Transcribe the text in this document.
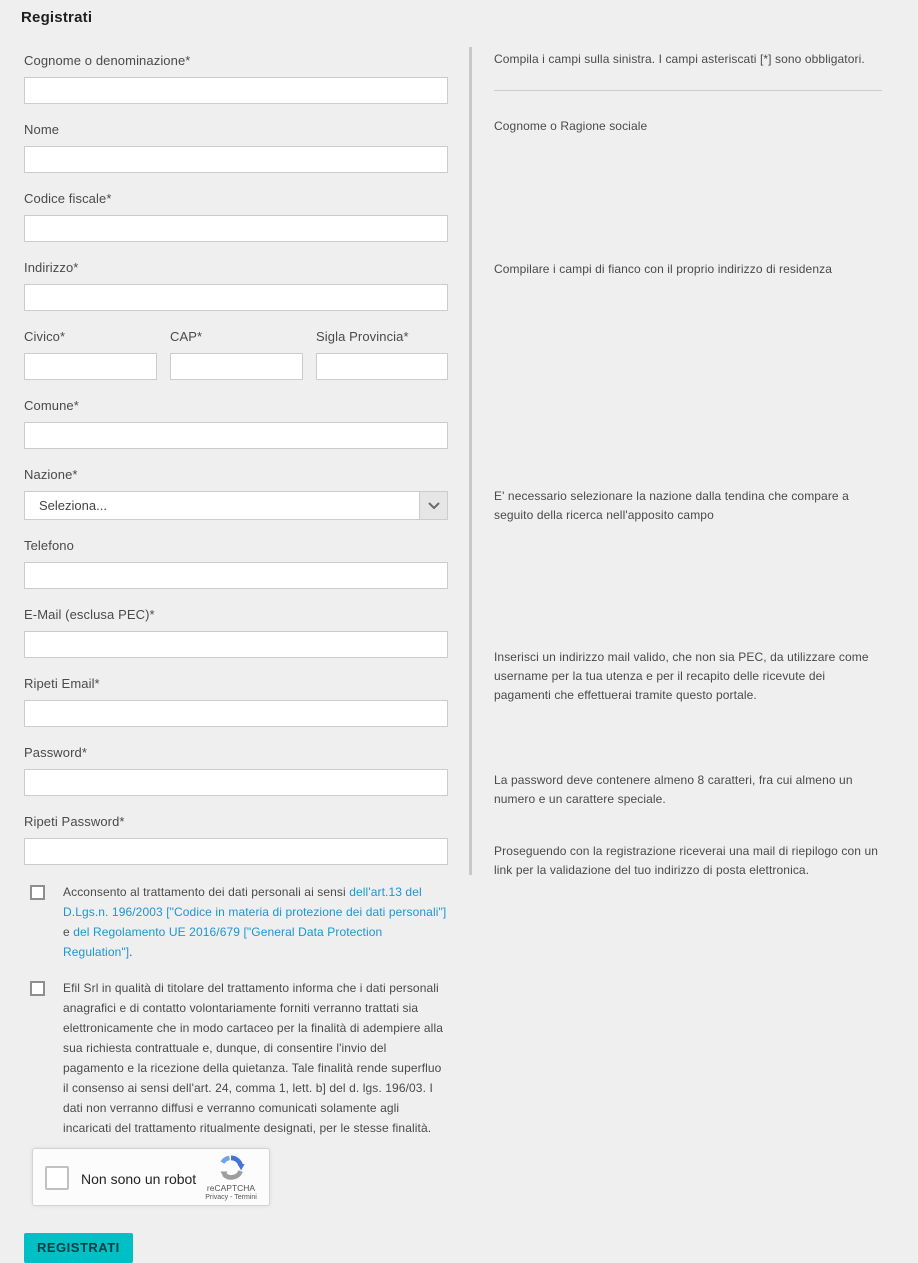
Registrati
Cognome o denominazione*
Nome
Codice fiscale*
Indirizzo*
Civico*	CAP*	Sigla Provincia*
Comune*
Nazione*
Seleziona...
Telefono
E-Mail (esclusa PEC)*
Ripeti Email*
Password*
Ripeti Password*
Acconsento al trattamento dei dati personali ai sensi dell'art.13 del D.Lgs.n. 196/2003 ["Codice in materia di protezione dei dati personali"] e del Regolamento UE 2016/679 ["General Data Protection Regulation"].
Efil Srl in qualità di titolare del trattamento informa che i dati personali anagrafici e di contatto volontariamente forniti verranno trattati sia elettronicamente che in modo cartaceo per la finalità di adempiere alla sua richiesta contrattuale e, dunque, di consentire l'invio del pagamento e la ricezione della quietanza. Tale finalità rende superfluo il consenso ai sensi dell'art. 24, comma 1, lett. b] del d. lgs. 196/03. I dati non verranno diffusi e verranno comunicati solamente agli incaricati del trattamento ritualmente designati, per le stesse finalità.
Non sono un robot
reCAPTCHA
Privacy - Termini
REGISTRATI

Compila i campi sulla sinistra. I campi asteriscati [*] sono obbligatori.

Cognome o Ragione sociale

Compilare i campi di fianco con il proprio indirizzo di residenza

E' necessario selezionare la nazione dalla tendina che compare a seguito della ricerca nell'apposito campo

Inserisci un indirizzo mail valido, che non sia PEC, da utilizzare come username per la tua utenza e per il recapito delle ricevute dei pagamenti che effettuerai tramite questo portale.

La password deve contenere almeno 8 caratteri, fra cui almeno un numero e un carattere speciale.

Proseguendo con la registrazione riceverai una mail di riepilogo con un link per la validazione del tuo indirizzo di posta elettronica.
